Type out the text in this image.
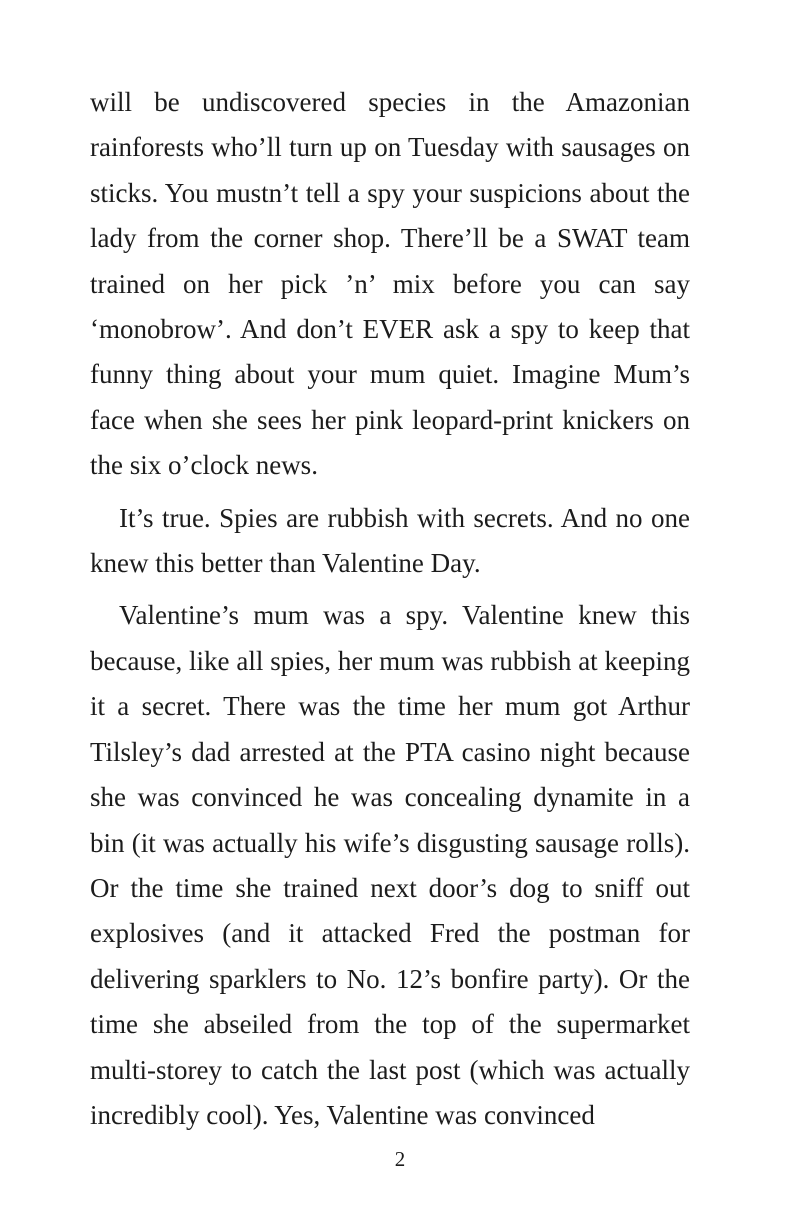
will be undiscovered species in the Amazonian rainforests who’ll turn up on Tuesday with sausages on sticks. You mustn’t tell a spy your suspicions about the lady from the corner shop. There’ll be a SWAT team trained on her pick ’n’ mix before you can say ‘monobrow’. And don’t EVER ask a spy to keep that funny thing about your mum quiet. Imagine Mum’s face when she sees her pink leopard-print knickers on the six o’clock news.

It’s true. Spies are rubbish with secrets. And no one knew this better than Valentine Day.

Valentine’s mum was a spy. Valentine knew this because, like all spies, her mum was rubbish at keeping it a secret. There was the time her mum got Arthur Tilsley’s dad arrested at the PTA casino night because she was convinced he was concealing dynamite in a bin (it was actually his wife’s disgusting sausage rolls). Or the time she trained next door’s dog to sniff out explosives (and it attacked Fred the postman for delivering sparklers to No. 12’s bonfire party). Or the time she abseiled from the top of the supermarket multi-storey to catch the last post (which was actually incredibly cool). Yes, Valentine was convinced

2
